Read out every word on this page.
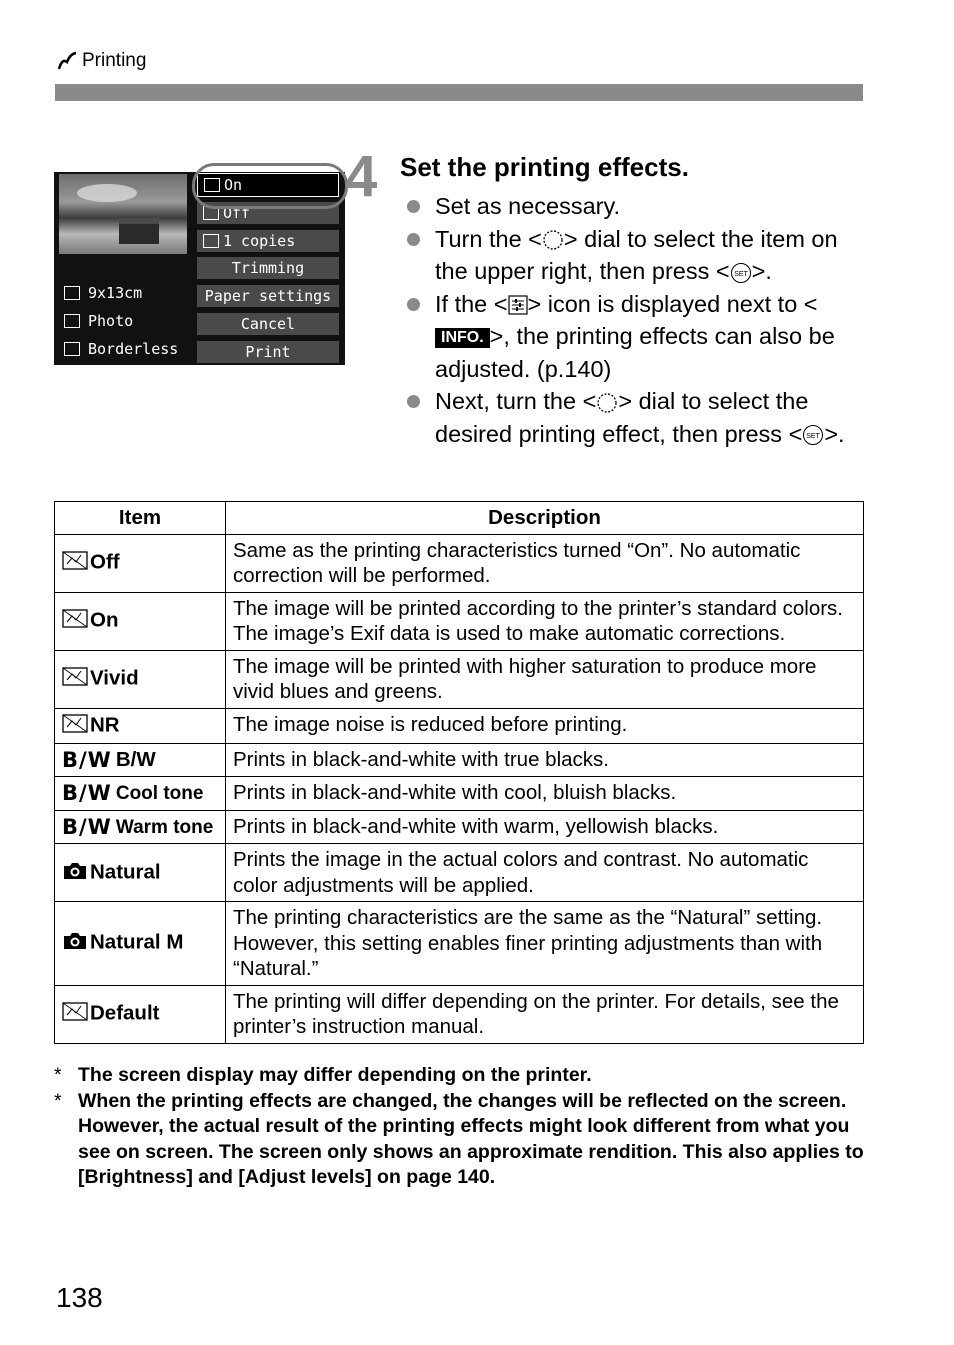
Printing
9x13cm
Photo
Borderless
On
Off
1 copies
Trimming
Paper settings
Cancel
Print
4 Set the printing effects.

Set as necessary.

Turn the < > dial to select the item on the upper right, then press < SET >.

If the < > icon is displayed next to <INFO. >, the printing effects can also be adjusted. (p.140)

Next, turn the < > dial to select the desired printing effect, then press < SET >.

Item	Description
Off	Same as the printing characteristics turned “On”. No automatic correction will be performed.
On	The image will be printed according to the printer’s standard colors. The image’s Exif data is used to make automatic corrections.
Vivid	The image will be printed with higher saturation to produce more vivid blues and greens.
NR	The image noise is reduced before printing.
B/W B/W	Prints in black-and-white with true blacks.
B/W Cool tone	Prints in black-and-white with cool, bluish blacks.
B/W Warm tone	Prints in black-and-white with warm, yellowish blacks.
Natural	Prints the image in the actual colors and contrast. No automatic color adjustments will be applied.
Natural M	The printing characteristics are the same as the “Natural” setting. However, this setting enables finer printing adjustments than with “Natural.”
Default	The printing will differ depending on the printer. For details, see the printer’s instruction manual.

* The screen display may differ depending on the printer.

* When the printing effects are changed, the changes will be reflected on the screen. However, the actual result of the printing effects might look different from what you see on screen. The screen only shows an approximate rendition. This also applies to [Brightness] and [Adjust levels] on page 140.

138
